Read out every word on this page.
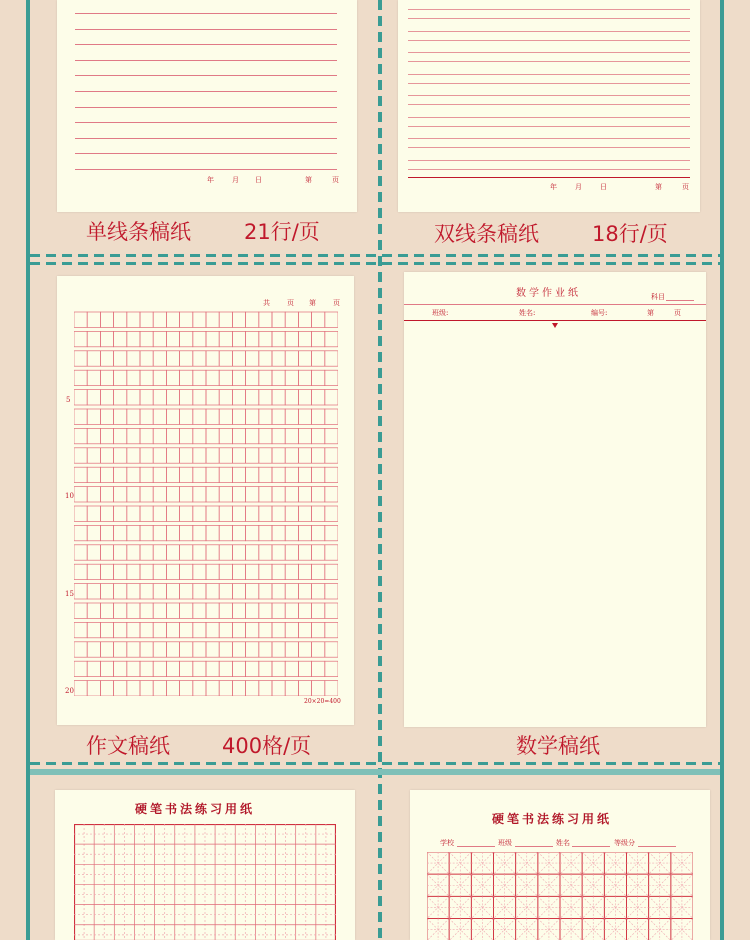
年	月 日	第	页
单线条稿纸	21行/页
年	月	日	第	页
双线条稿纸	18行/页
共 页 第 页
5
10
15
20
20×20=400
作文稿纸 400格/页
数学作业纸	科目
班级:	姓名:	编号:	第	页
数学稿纸
硬笔书法练习用纸
硬笔书法练习用纸
学校	班级	姓名	等级分
